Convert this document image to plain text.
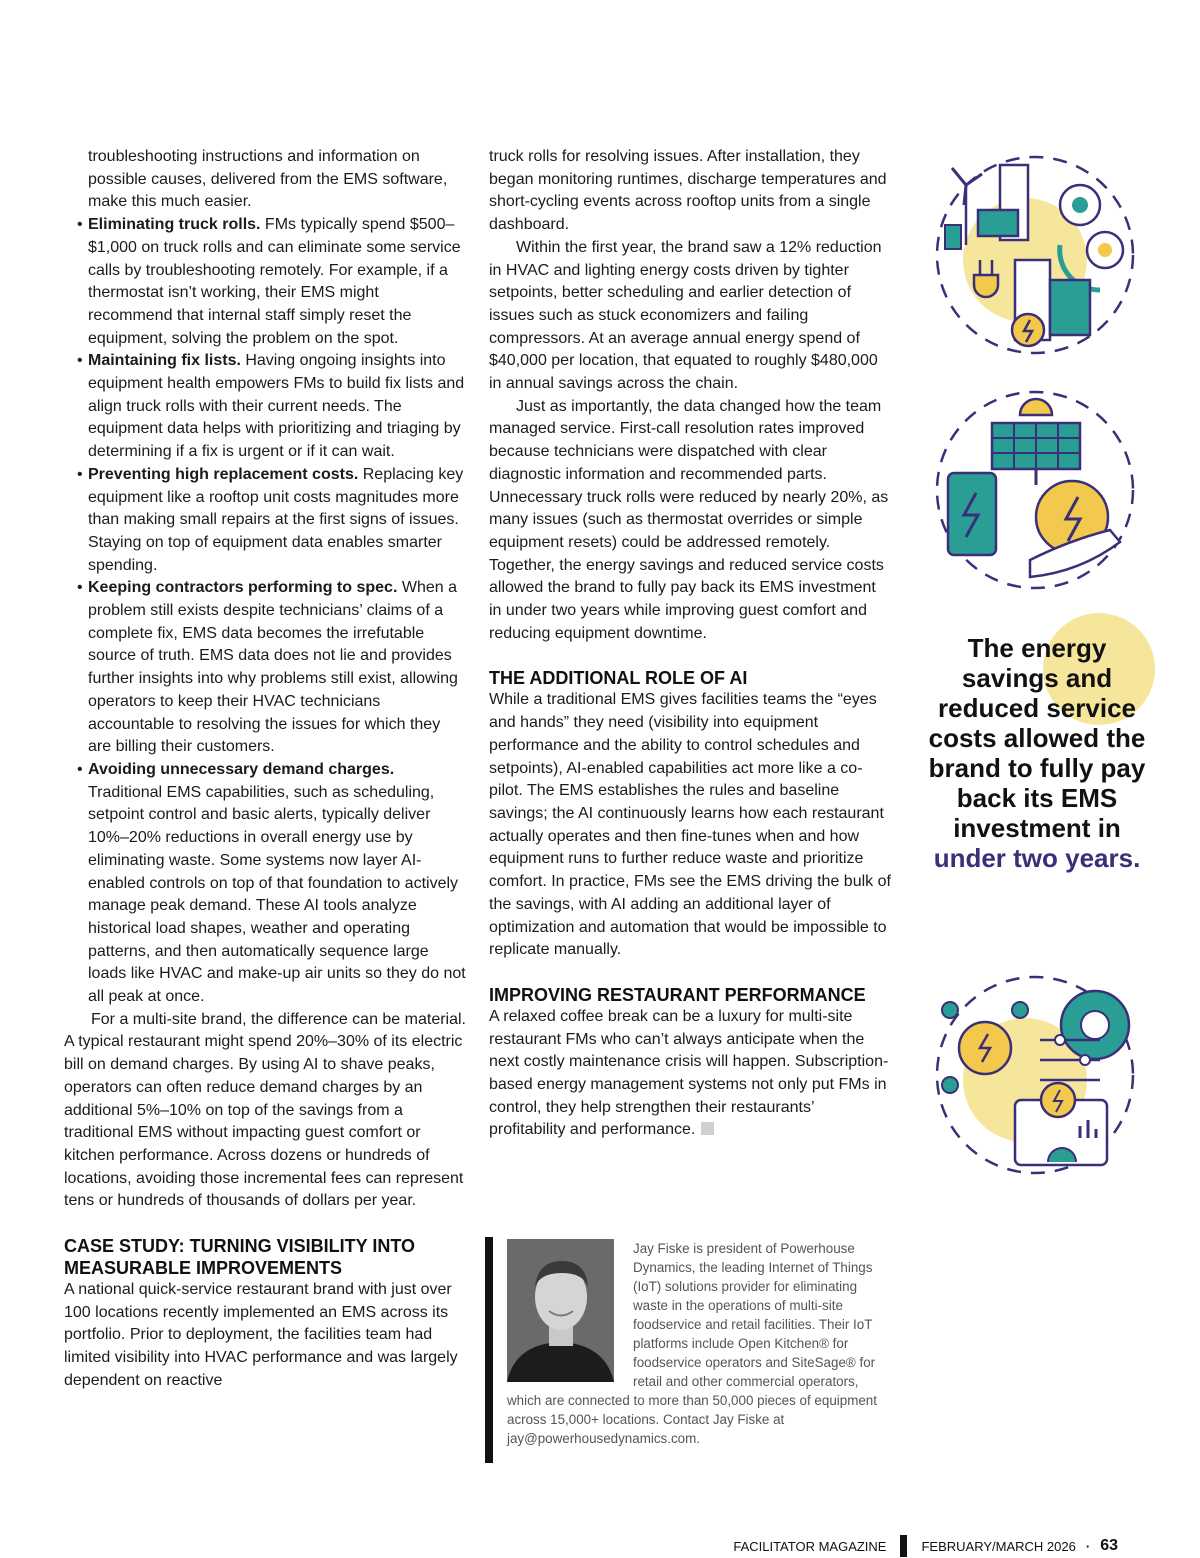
troubleshooting instructions and information on possible causes, delivered from the EMS software, make this much easier.

• Eliminating truck rolls. FMs typically spend $500–$1,000 on truck rolls and can eliminate some service calls by troubleshooting remotely. For example, if a thermostat isn’t working, their EMS might recommend that internal staff simply reset the equipment, solving the problem on the spot.
• Maintaining fix lists. Having ongoing insights into equipment health empowers FMs to build fix lists and align truck rolls with their current needs. The equipment data helps with prioritizing and triaging by determining if a fix is urgent or if it can wait.
• Preventing high replacement costs. Replacing key equipment like a rooftop unit costs magnitudes more than making small repairs at the first signs of issues. Staying on top of equipment data enables smarter spending.
• Keeping contractors performing to spec. When a problem still exists despite technicians’ claims of a complete fix, EMS data becomes the irrefutable source of truth. EMS data does not lie and provides further insights into why problems still exist, allowing operators to keep their HVAC technicians accountable to resolving the issues for which they are billing their customers.
• Avoiding unnecessary demand charges. Traditional EMS capabilities, such as scheduling, setpoint control and basic alerts, typically deliver 10%–20% reductions in overall energy use by eliminating waste. Some systems now layer AI-enabled controls on top of that foundation to actively manage peak demand. These AI tools analyze historical load shapes, weather and operating patterns, and then automatically sequence large loads like HVAC and make-up air units so they do not all peak at once.

For a multi-site brand, the difference can be material. A typical restaurant might spend 20%–30% of its electric bill on demand charges. By using AI to shave peaks, operators can often reduce demand charges by an additional 5%–10% on top of the savings from a traditional EMS without impacting guest comfort or kitchen performance. Across dozens or hundreds of locations, avoiding those incremental fees can represent tens or hundreds of thousands of dollars per year.

CASE STUDY: TURNING VISIBILITY INTO MEASURABLE IMPROVEMENTS

A national quick-service restaurant brand with just over 100 locations recently implemented an EMS across its portfolio. Prior to deployment, the facilities team had limited visibility into HVAC performance and was largely dependent on reactive

truck rolls for resolving issues. After installation, they began monitoring runtimes, discharge temperatures and short-cycling events across rooftop units from a single dashboard.

Within the first year, the brand saw a 12% reduction in HVAC and lighting energy costs driven by tighter setpoints, better scheduling and earlier detection of issues such as stuck economizers and failing compressors. At an average annual energy spend of $40,000 per location, that equated to roughly $480,000 in annual savings across the chain.

Just as importantly, the data changed how the team managed service. First-call resolution rates improved because technicians were dispatched with clear diagnostic information and recommended parts. Unnecessary truck rolls were reduced by nearly 20%, as many issues (such as thermostat overrides or simple equipment resets) could be addressed remotely. Together, the energy savings and reduced service costs allowed the brand to fully pay back its EMS investment in under two years while improving guest comfort and reducing equipment downtime.

THE ADDITIONAL ROLE OF AI

While a traditional EMS gives facilities teams the “eyes and hands” they need (visibility into equipment performance and the ability to control schedules and setpoints), AI-enabled capabilities act more like a co-pilot. The EMS establishes the rules and baseline savings; the AI continuously learns how each restaurant actually operates and then fine-tunes when and how equipment runs to further reduce waste and prioritize comfort. In practice, FMs see the EMS driving the bulk of the savings, with AI adding an additional layer of optimization and automation that would be impossible to replicate manually.

IMPROVING RESTAURANT PERFORMANCE

A relaxed coffee break can be a luxury for multi-site restaurant FMs who can’t always anticipate when the next costly maintenance crisis will happen. Subscription-based energy management systems not only put FMs in control, they help strengthen their restaurants’ profitability and performance.

The energy savings and reduced service costs allowed the brand to fully pay back its EMS investment in under two years.
Jay Fiske is president of Powerhouse Dynamics, the leading Internet of Things (IoT) solutions provider for eliminating waste in the operations of multi-site foodservice and retail facilities. Their IoT platforms include Open Kitchen® for foodservice operators and SiteSage® for retail and other commercial operators, which are connected to more than 50,000 pieces of equipment across 15,000+ locations. Contact Jay Fiske at jay@powerhousedynamics.com.
FACILITATOR MAGAZINE	FEBRUARY/MARCH 2026 · 63
